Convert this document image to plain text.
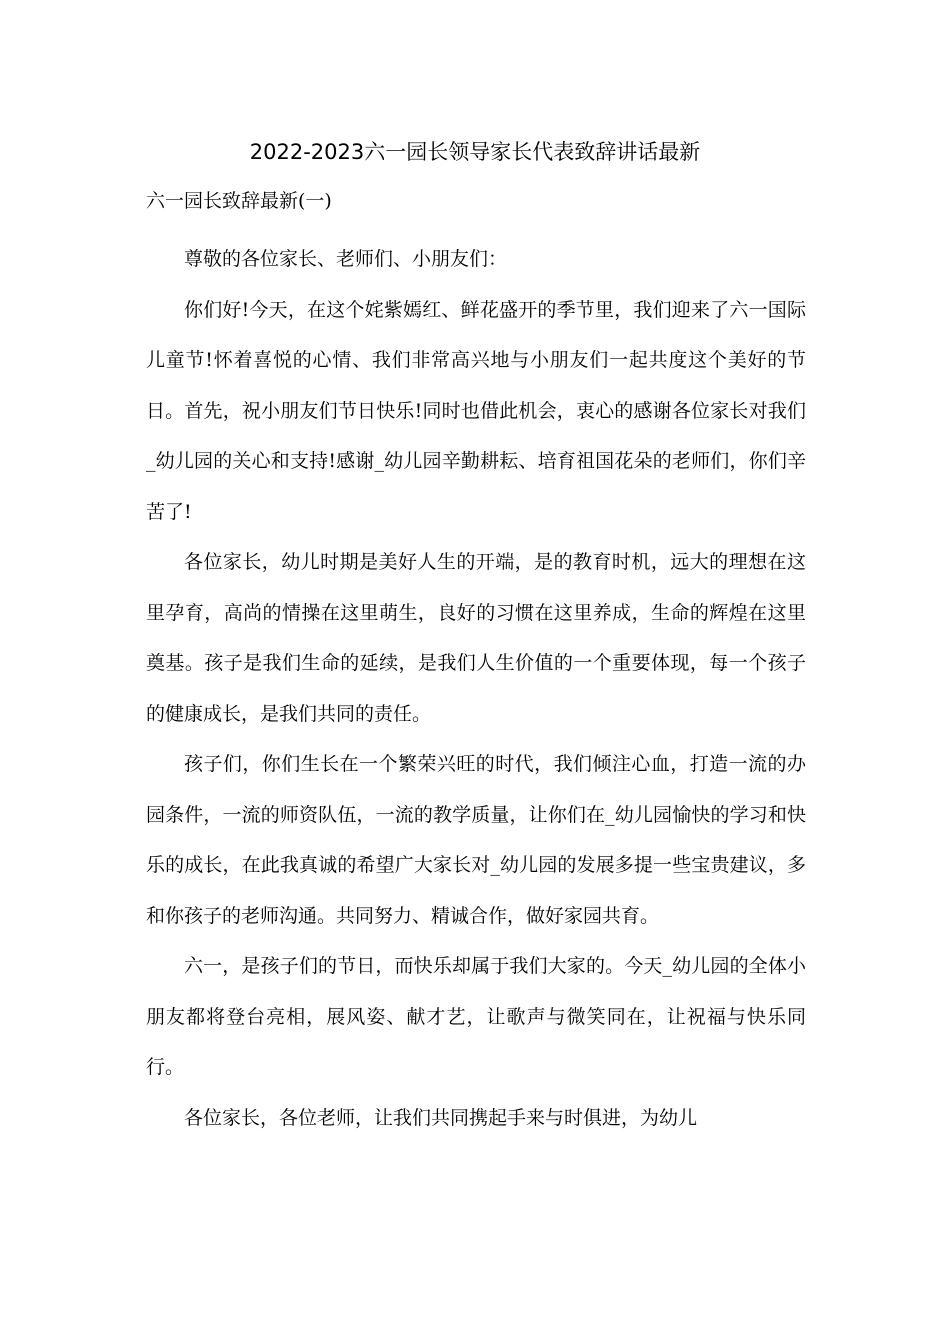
2022-2023六一园长领导家长代表致辞讲话最新
六一园长致辞最新(一)

尊敬的各位家长、老师们、小朋友们：

你们好!今天，在这个姹紫嫣红、鲜花盛开的季节里，我们迎来了六一国际儿童节!怀着喜悦的心情、我们非常高兴地与小朋友们一起共度这个美好的节日。首先，祝小朋友们节日快乐!同时也借此机会，衷心的感谢各位家长对我们_幼儿园的关心和支持!感谢_幼儿园辛勤耕耘、培育祖国花朵的老师们，你们辛苦了!

各位家长，幼儿时期是美好人生的开端，是的教育时机，远大的理想在这里孕育，高尚的情操在这里萌生，良好的习惯在这里养成，生命的辉煌在这里奠基。孩子是我们生命的延续，是我们人生价值的一个重要体现，每一个孩子的健康成长，是我们共同的责任。

孩子们，你们生长在一个繁荣兴旺的时代，我们倾注心血，打造一流的办园条件，一流的师资队伍，一流的教学质量，让你们在_幼儿园愉快的学习和快乐的成长，在此我真诚的希望广大家长对_幼儿园的发展多提一些宝贵建议，多和你孩子的老师沟通。共同努力、精诚合作，做好家园共育。

六一，是孩子们的节日，而快乐却属于我们大家的。今天_幼儿园的全体小朋友都将登台亮相，展风姿、献才艺，让歌声与微笑同在，让祝福与快乐同行。

各位家长，各位老师，让我们共同携起手来与时俱进，为幼儿
